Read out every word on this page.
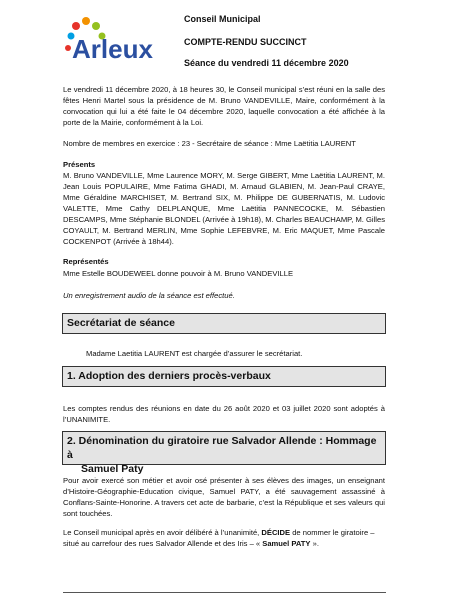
Arleux
Conseil Municipal
COMPTE-RENDU SUCCINCT
Séance du vendredi 11 décembre 2020

Le vendredi 11 décembre 2020, à 18 heures 30, le Conseil municipal s’est réuni en la salle des fêtes Henri Martel sous la présidence de M. Bruno VANDEVILLE, Maire, conformément à la convocation qui lui a été faite le 04 décembre 2020, laquelle convocation a été affichée à la porte de la Mairie, conformément à la Loi.

Nombre de membres en exercice : 23 - Secrétaire de séance : Mme Laëtitia LAURENT

Présents

M. Bruno VANDEVILLE, Mme Laurence MORY, M. Serge GIBERT, Mme Laëtitia LAURENT, M. Jean Louis POPULAIRE, Mme Fatima GHADI, M. Arnaud GLABIEN, M. Jean-Paul CRAYE, Mme Géraldine MARCHISET, M. Bertrand SIX, M. Philippe DE GUBERNATIS, M. Ludovic VALETTE, Mme Cathy DELPLANQUE, Mme Laëtitia PANNECOCKE, M. Sébastien DESCAMPS, Mme Stéphanie BLONDEL (Arrivée à 19h18), M. Charles BEAUCHAMP, M. Gilles COYAULT, M. Bertrand MERLIN, Mme Sophie LEFEBVRE, M. Eric MAQUET, Mme Pascale COCKENPOT (Arrivée à 18h44).

Représentés

Mme Estelle BOUDEWEEL donne pouvoir à M. Bruno VANDEVILLE

Un enregistrement audio de la séance est effectué.

Secrétariat de séance

Madame Laetitia LAURENT est chargée d’assurer le secrétariat.

1. Adoption des derniers procès-verbaux

Les comptes rendus des réunions en date du 26 août 2020 et 03 juillet 2020 sont adoptés à l’UNANIMITE.

2. Dénomination du giratoire rue Salvador Allende : Hommage à
Samuel Paty

Pour avoir exercé son métier et avoir osé présenter à ses élèves des images, un enseignant d’Histoire-Géographie-Education civique, Samuel PATY, a été sauvagement assassiné à Conflans-Sainte-Honorine. A travers cet acte de barbarie, c’est la République et ses valeurs qui sont touchées.

Le Conseil municipal après en avoir délibéré à l’unanimité, DÉCIDE de nommer le giratoire –
situé au carrefour des rues Salvador Allende et des Iris – « Samuel PATY ».
